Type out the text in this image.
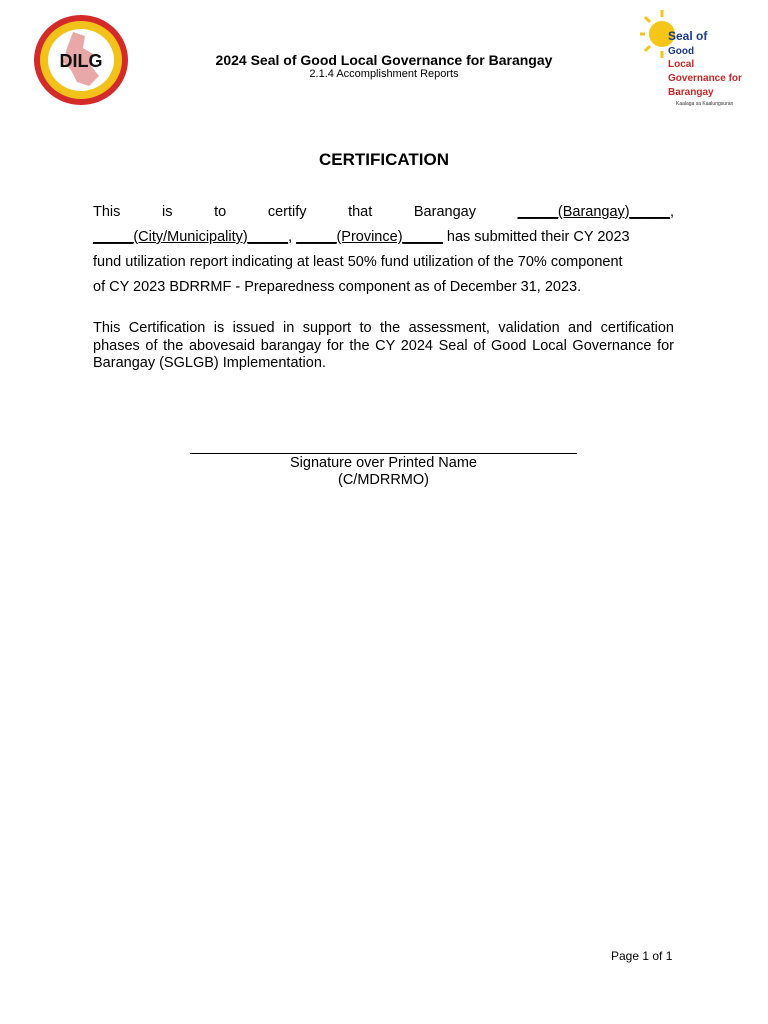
DILG
Seal of
Good
Local
Governance for
Barangay
Kaalaga sa Kaalungsuran
2024 Seal of Good Local Governance for Barangay
2.1.4 Accomplishment Reports
CERTIFICATION
This	is	to	certify	that	Barangay	_____(Barangay)_____,
_____(City/Municipality)_____, _____(Province)_____ has submitted their CY 2023
fund utilization report indicating at least 50% fund utilization of the 70% component
of CY 2023 BDRRMF - Preparedness component as of December 31, 2023.
This Certification is issued in support to the assessment, validation and certification phases of the abovesaid barangay for the CY 2024 Seal of Good Local Governance for Barangay (SGLGB) Implementation.
Signature over Printed Name
(C/MDRRMO)
Page 1 of 1
